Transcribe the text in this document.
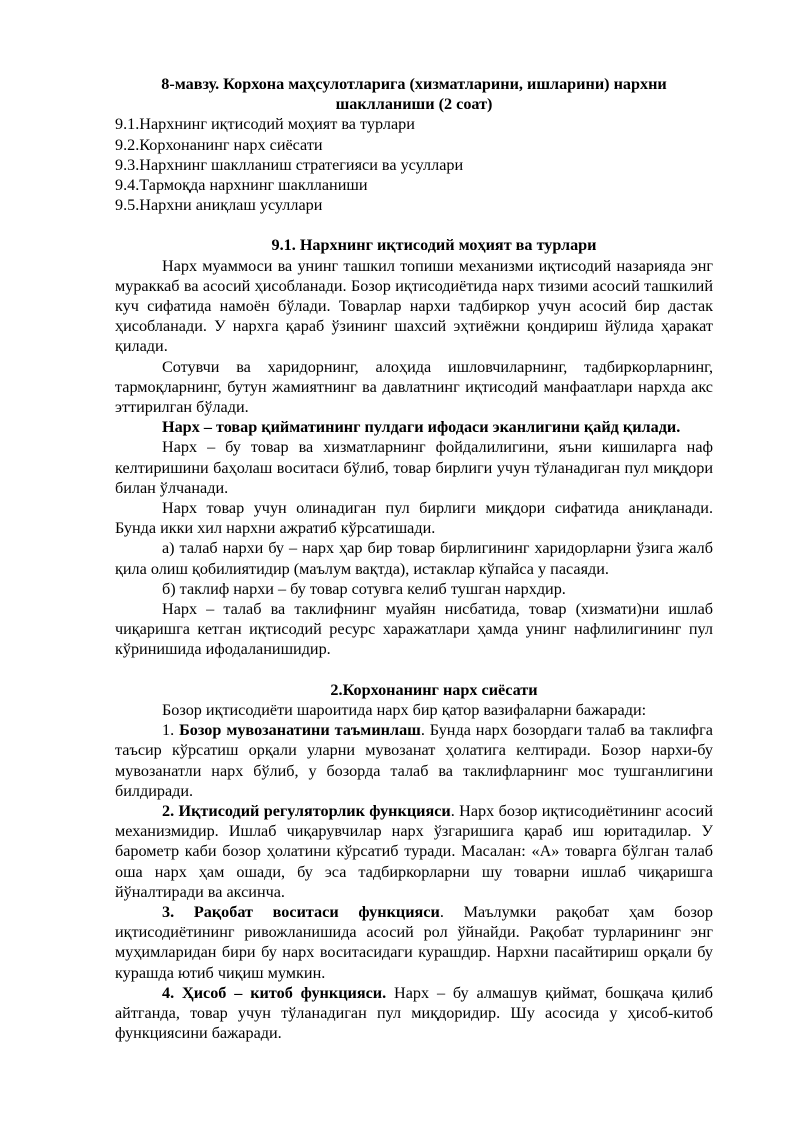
8-мавзу. Корхона маҳсулотларига (хизматларини, ишларини) нархни шаклланиши (2 соат)
9.1.Нархнинг иқтисодий моҳият ва турлари
9.2.Корхонанинг нарх сиёсати
9.3.Нархнинг шаклланиш стратегияси ва усуллари
9.4.Тармоқда нархнинг шаклланиши
9.5.Нархни аниқлаш усуллари
9.1. Нархнинг иқтисодий моҳият ва турлари

Нарх муаммоси ва унинг ташкил топиши механизми иқтисодий назарияда энг мураккаб ва асосий ҳисобланади. Бозор иқтисодиётида нарх тизими асосий ташкилий куч сифатида намоён бўлади. Товарлар нархи тадбиркор учун асосий бир дастак ҳисобланади. У нархга қараб ўзининг шахсий эҳтиёжни қондириш йўлида ҳаракат қилади.

Сотувчи ва харидорнинг, алоҳида ишловчиларнинг, тадбиркорларнинг, тармоқларнинг, бутун жамиятнинг ва давлатнинг иқтисодий манфаатлари нархда акс эттирилган бўлади.

Нарх – товар қийматининг пулдаги ифодаси эканлигини қайд қилади.

Нарх – бу товар ва хизматларнинг фойдалилигини, яъни кишиларга наф келтиришини баҳолаш воситаси бўлиб, товар бирлиги учун тўланадиган пул миқдори билан ўлчанади.

Нарх товар учун олинадиган пул бирлиги миқдори сифатида аниқланади. Бунда икки хил нархни ажратиб кўрсатишади.

а) талаб нархи бу – нарх ҳар бир товар бирлигининг харидорларни ўзига жалб қила олиш қобилиятидир (маълум вақтда), истаклар кўпайса у пасаяди.

б) таклиф нархи – бу товар сотувга келиб тушган нархдир.

Нарх – талаб ва таклифнинг муайян нисбатида, товар (хизмати)ни ишлаб чиқаришга кетган иқтисодий ресурс харажатлари ҳамда унинг нафлилигининг пул кўринишида ифодаланишидир.

2.Корхонанинг нарх сиёсати

Бозор иқтисодиёти шароитида нарх бир қатор вазифаларни бажаради:

1. Бозор мувозанатини таъминлаш. Бунда нарх бозордаги талаб ва таклифга таъсир кўрсатиш орқали уларни мувозанат ҳолатига келтиради. Бозор нархи-бу мувозанатли нарх бўлиб, у бозорда талаб ва таклифларнинг мос тушганлигини билдиради.

2. Иқтисодий регуляторлик функцияси. Нарх бозор иқтисодиётининг асосий механизмидир. Ишлаб чиқарувчилар нарх ўзгаришига қараб иш юритадилар. У барометр каби бозор ҳолатини кўрсатиб туради. Масалан: «А» товарга бўлган талаб оша нарх ҳам ошади, бу эса тадбиркорларни шу товарни ишлаб чиқаришга йўналтиради ва аксинча.

3. Рақобат воситаси функцияси. Маълумки рақобат ҳам бозор иқтисодиётининг ривожланишида асосий рол ўйнайди. Рақобат турларининг энг муҳимларидан бири бу нарх воситасидаги курашдир. Нархни пасайтириш орқали бу курашда ютиб чиқиш мумкин.

4. Ҳисоб – китоб функцияси. Нарх – бу алмашув қиймат, бошқача қилиб айтганда, товар учун тўланадиган пул миқдоридир. Шу асосида у ҳисоб-китоб функциясини бажаради.
